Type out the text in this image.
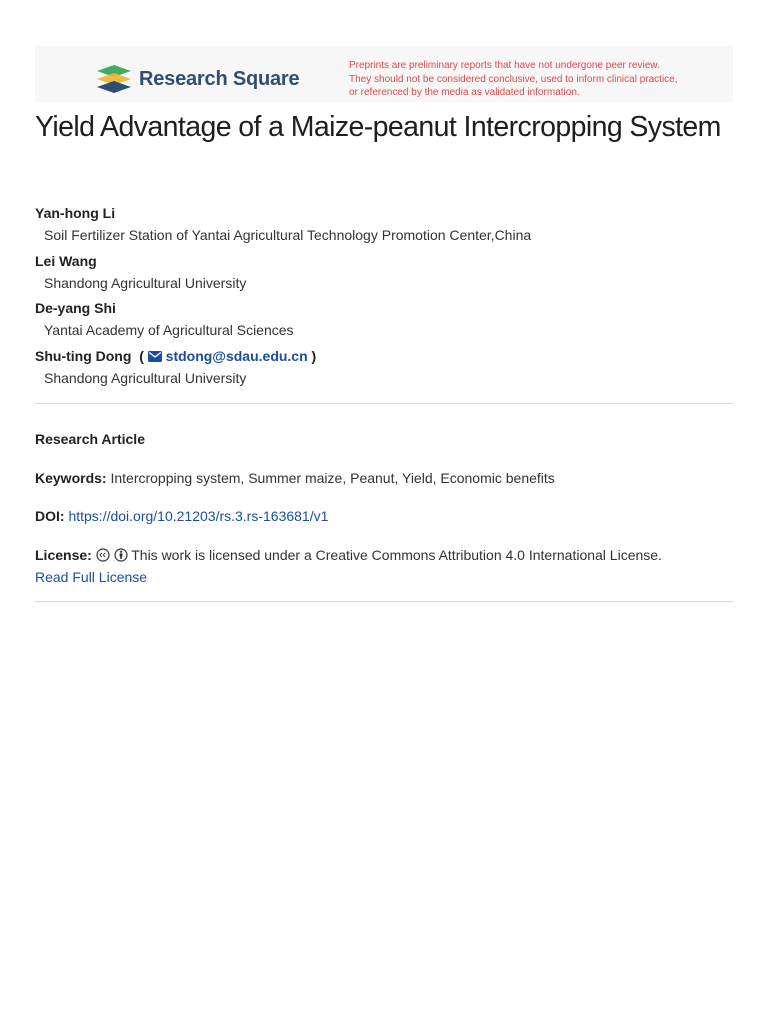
Research Square
Preprints are preliminary reports that have not undergone peer review.
They should not be considered conclusive, used to inform clinical practice,
or referenced by the media as validated information.
Yield Advantage of a Maize-peanut Intercropping System
Yan-hong Li
Soil Fertilizer Station of Yantai Agricultural Technology Promotion Center,China
Lei Wang
Shandong Agricultural University
De-yang Shi
Yantai Academy of Agricultural Sciences
Shu-ting Dong  (  stdong@sdau.edu.cn )
Shandong Agricultural University
Research Article
Keywords: Intercropping system, Summer maize, Peanut, Yield, Economic benefits
DOI: https://doi.org/10.21203/rs.3.rs-163681/v1
License:	This work is licensed under a Creative Commons Attribution 4.0 International License.
Read Full License
